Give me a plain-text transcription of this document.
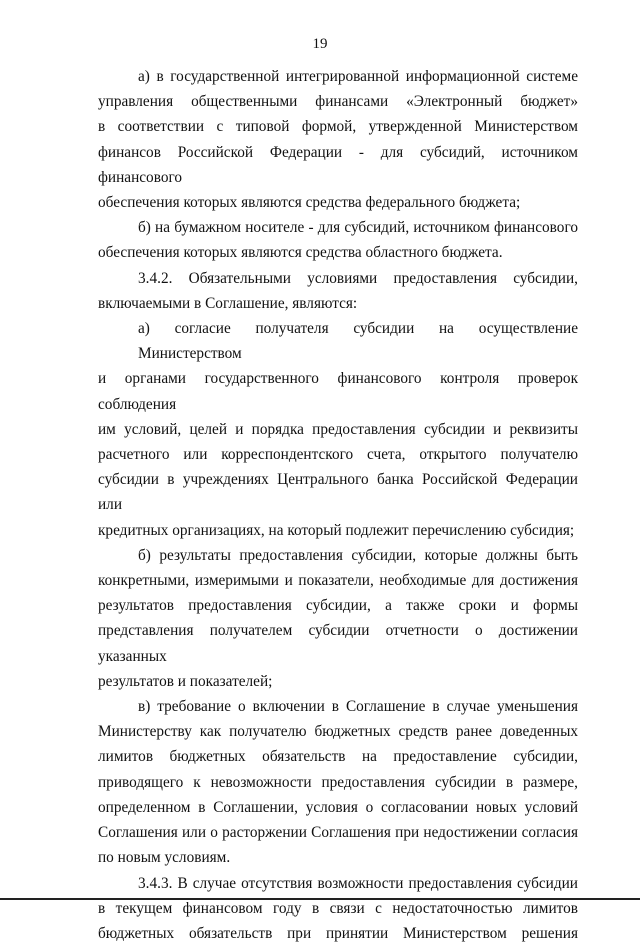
19
а) в государственной интегрированной информационной системе
управления общественными финансами «Электронный бюджет»
в соответствии с типовой формой, утвержденной Министерством
финансов Российской Федерации - для субсидий, источником финансового
обеспечения которых являются средства федерального бюджета;
б) на бумажном носителе - для субсидий, источником финансового
обеспечения которых являются средства областного бюджета.
3.4.2. Обязательными условиями предоставления субсидии,
включаемыми в Соглашение, являются:
а) согласие получателя субсидии на осуществление Министерством
и органами государственного финансового контроля проверок соблюдения
им условий, целей и порядка предоставления субсидии и реквизиты
расчетного или корреспондентского счета, открытого получателю
субсидии в учреждениях Центрального банка Российской Федерации или
кредитных организациях, на который подлежит перечислению субсидия;
б) результаты предоставления субсидии, которые должны быть
конкретными, измеримыми и показатели, необходимые для достижения
результатов предоставления субсидии, а также сроки и формы
представления получателем субсидии отчетности о достижении указанных
результатов и показателей;
в) требование о включении в Соглашение в случае уменьшения
Министерству как получателю бюджетных средств ранее доведенных
лимитов бюджетных обязательств на предоставление субсидии,
приводящего к невозможности предоставления субсидии в размере,
определенном в Соглашении, условия о согласовании новых условий
Соглашения или о расторжении Соглашения при недостижении согласия
по новым условиям.
3.4.3. В случае отсутствия возможности предоставления субсидии
в текущем финансовом году в связи с недостаточностью лимитов
бюджетных обязательств при принятии Министерством решения
